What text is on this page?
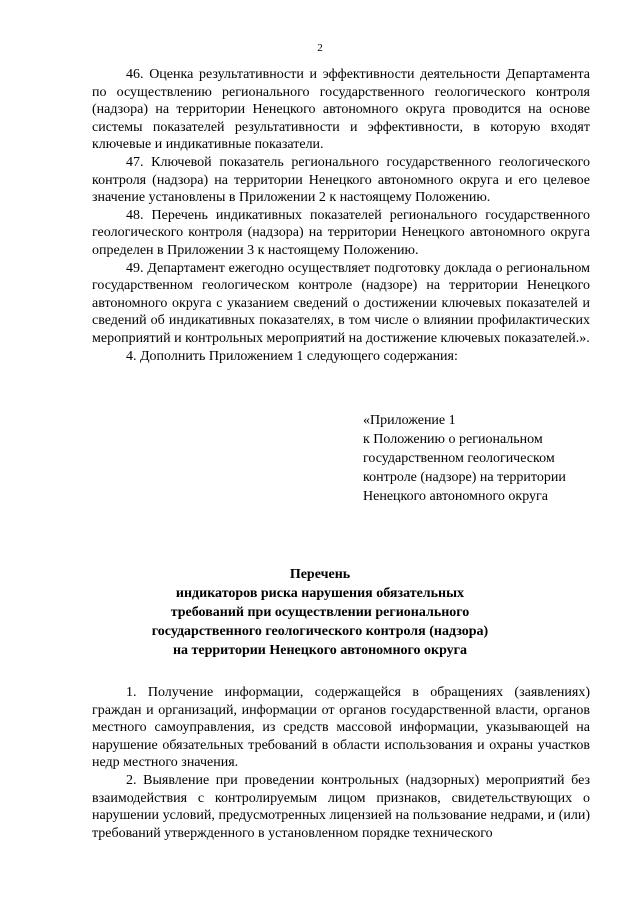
2

46. Оценка результативности и эффективности деятельности Департамента по осуществлению регионального государственного геологического контроля (надзора) на территории Ненецкого автономного округа проводится на основе системы показателей результативности и эффективности, в которую входят ключевые и индикативные показатели.

47. Ключевой показатель регионального государственного геологического контроля (надзора) на территории Ненецкого автономного округа и его целевое значение установлены в Приложении 2 к настоящему Положению.

48. Перечень индикативных показателей регионального государственного геологического контроля (надзора) на территории Ненецкого автономного округа определен в Приложении 3 к настоящему Положению.

49. Департамент ежегодно осуществляет подготовку доклада о региональном государственном геологическом контроле (надзоре) на территории Ненецкого автономного округа с указанием сведений о достижении ключевых показателей и сведений об индикативных показателях, в том числе о влиянии профилактических мероприятий и контрольных мероприятий на достижение ключевых показателей.».

4. Дополнить Приложением 1 следующего содержания:

«Приложение 1
к Положению о региональном
государственном геологическом
контроле (надзоре) на территории
Ненецкого автономного округа
Перечень
индикаторов риска нарушения обязательных
требований при осуществлении регионального
государственного геологического контроля (надзора)
на территории Ненецкого автономного округа

1. Получение информации, содержащейся в обращениях (заявлениях) граждан и организаций, информации от органов государственной власти, органов местного самоуправления, из средств массовой информации, указывающей на нарушение обязательных требований в области использования и охраны участков недр местного значения.

2. Выявление при проведении контрольных (надзорных) мероприятий без взаимодействия с контролируемым лицом признаков, свидетельствующих о нарушении условий, предусмотренных лицензией на пользование недрами, и (или) требований утвержденного в установленном порядке технического
